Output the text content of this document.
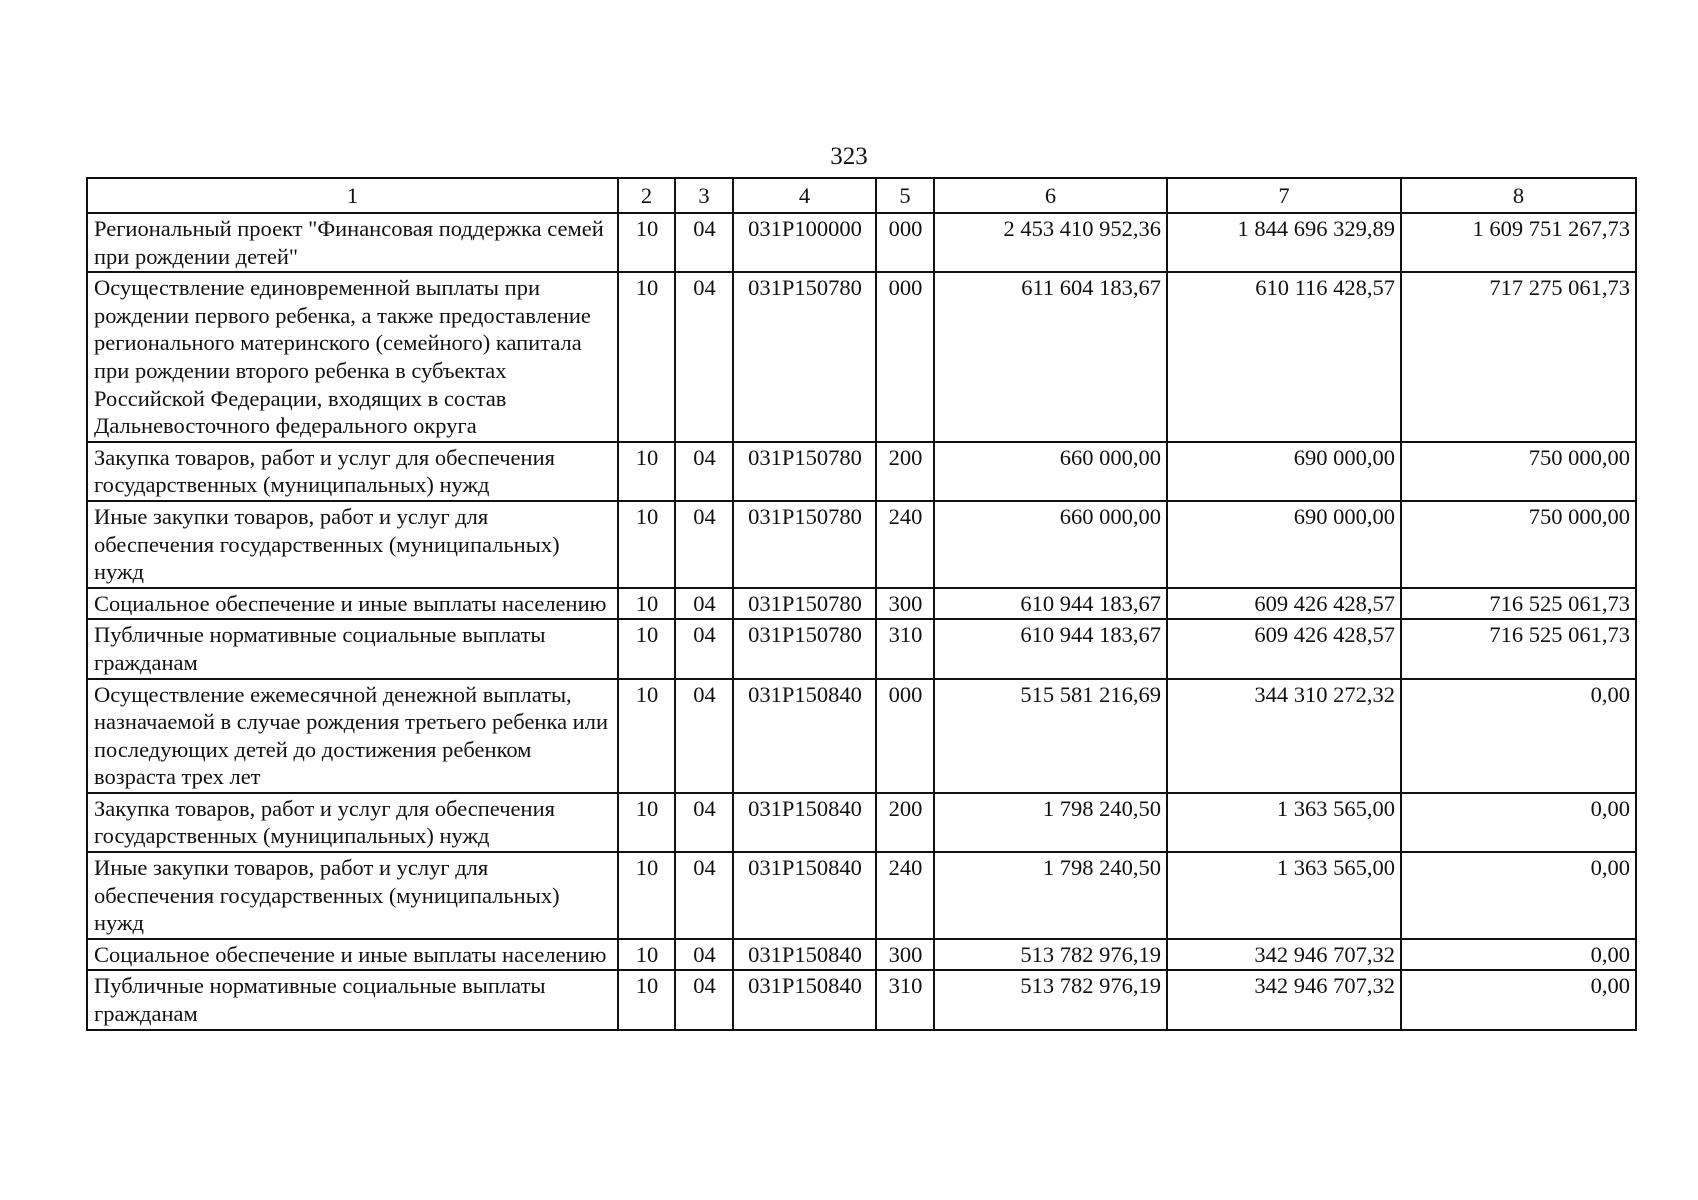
323
1	2	3	4	5	6	7	8
Региональный проект "Финансовая поддержка семей при рождении детей"	10	04	031P100000	000	2 453 410 952,36	1 844 696 329,89	1 609 751 267,73
Осуществление единовременной выплаты при рождении первого ребенка, а также предоставление регионального материнского (семейного) капитала при рождении второго ребенка в субъектах Российской Федерации, входящих в состав Дальневосточного федерального округа	10	04	031P150780	000	611 604 183,67	610 116 428,57	717 275 061,73
Закупка товаров, работ и услуг для обеспечения государственных (муниципальных) нужд	10	04	031P150780	200	660 000,00	690 000,00	750 000,00
Иные закупки товаров, работ и услуг для обеспечения государственных (муниципальных) нужд	10	04	031P150780	240	660 000,00	690 000,00	750 000,00
Социальное обеспечение и иные выплаты населению	10	04	031P150780	300	610 944 183,67	609 426 428,57	716 525 061,73
Публичные нормативные социальные выплаты гражданам	10	04	031P150780	310	610 944 183,67	609 426 428,57	716 525 061,73
Осуществление ежемесячной денежной выплаты, назначаемой в случае рождения третьего ребенка или последующих детей до достижения ребенком возраста трех лет	10	04	031P150840	000	515 581 216,69	344 310 272,32	0,00
Закупка товаров, работ и услуг для обеспечения государственных (муниципальных) нужд	10	04	031P150840	200	1 798 240,50	1 363 565,00	0,00
Иные закупки товаров, работ и услуг для обеспечения государственных (муниципальных) нужд	10	04	031P150840	240	1 798 240,50	1 363 565,00	0,00
Социальное обеспечение и иные выплаты населению	10	04	031P150840	300	513 782 976,19	342 946 707,32	0,00
Публичные нормативные социальные выплаты гражданам	10	04	031P150840	310	513 782 976,19	342 946 707,32	0,00
